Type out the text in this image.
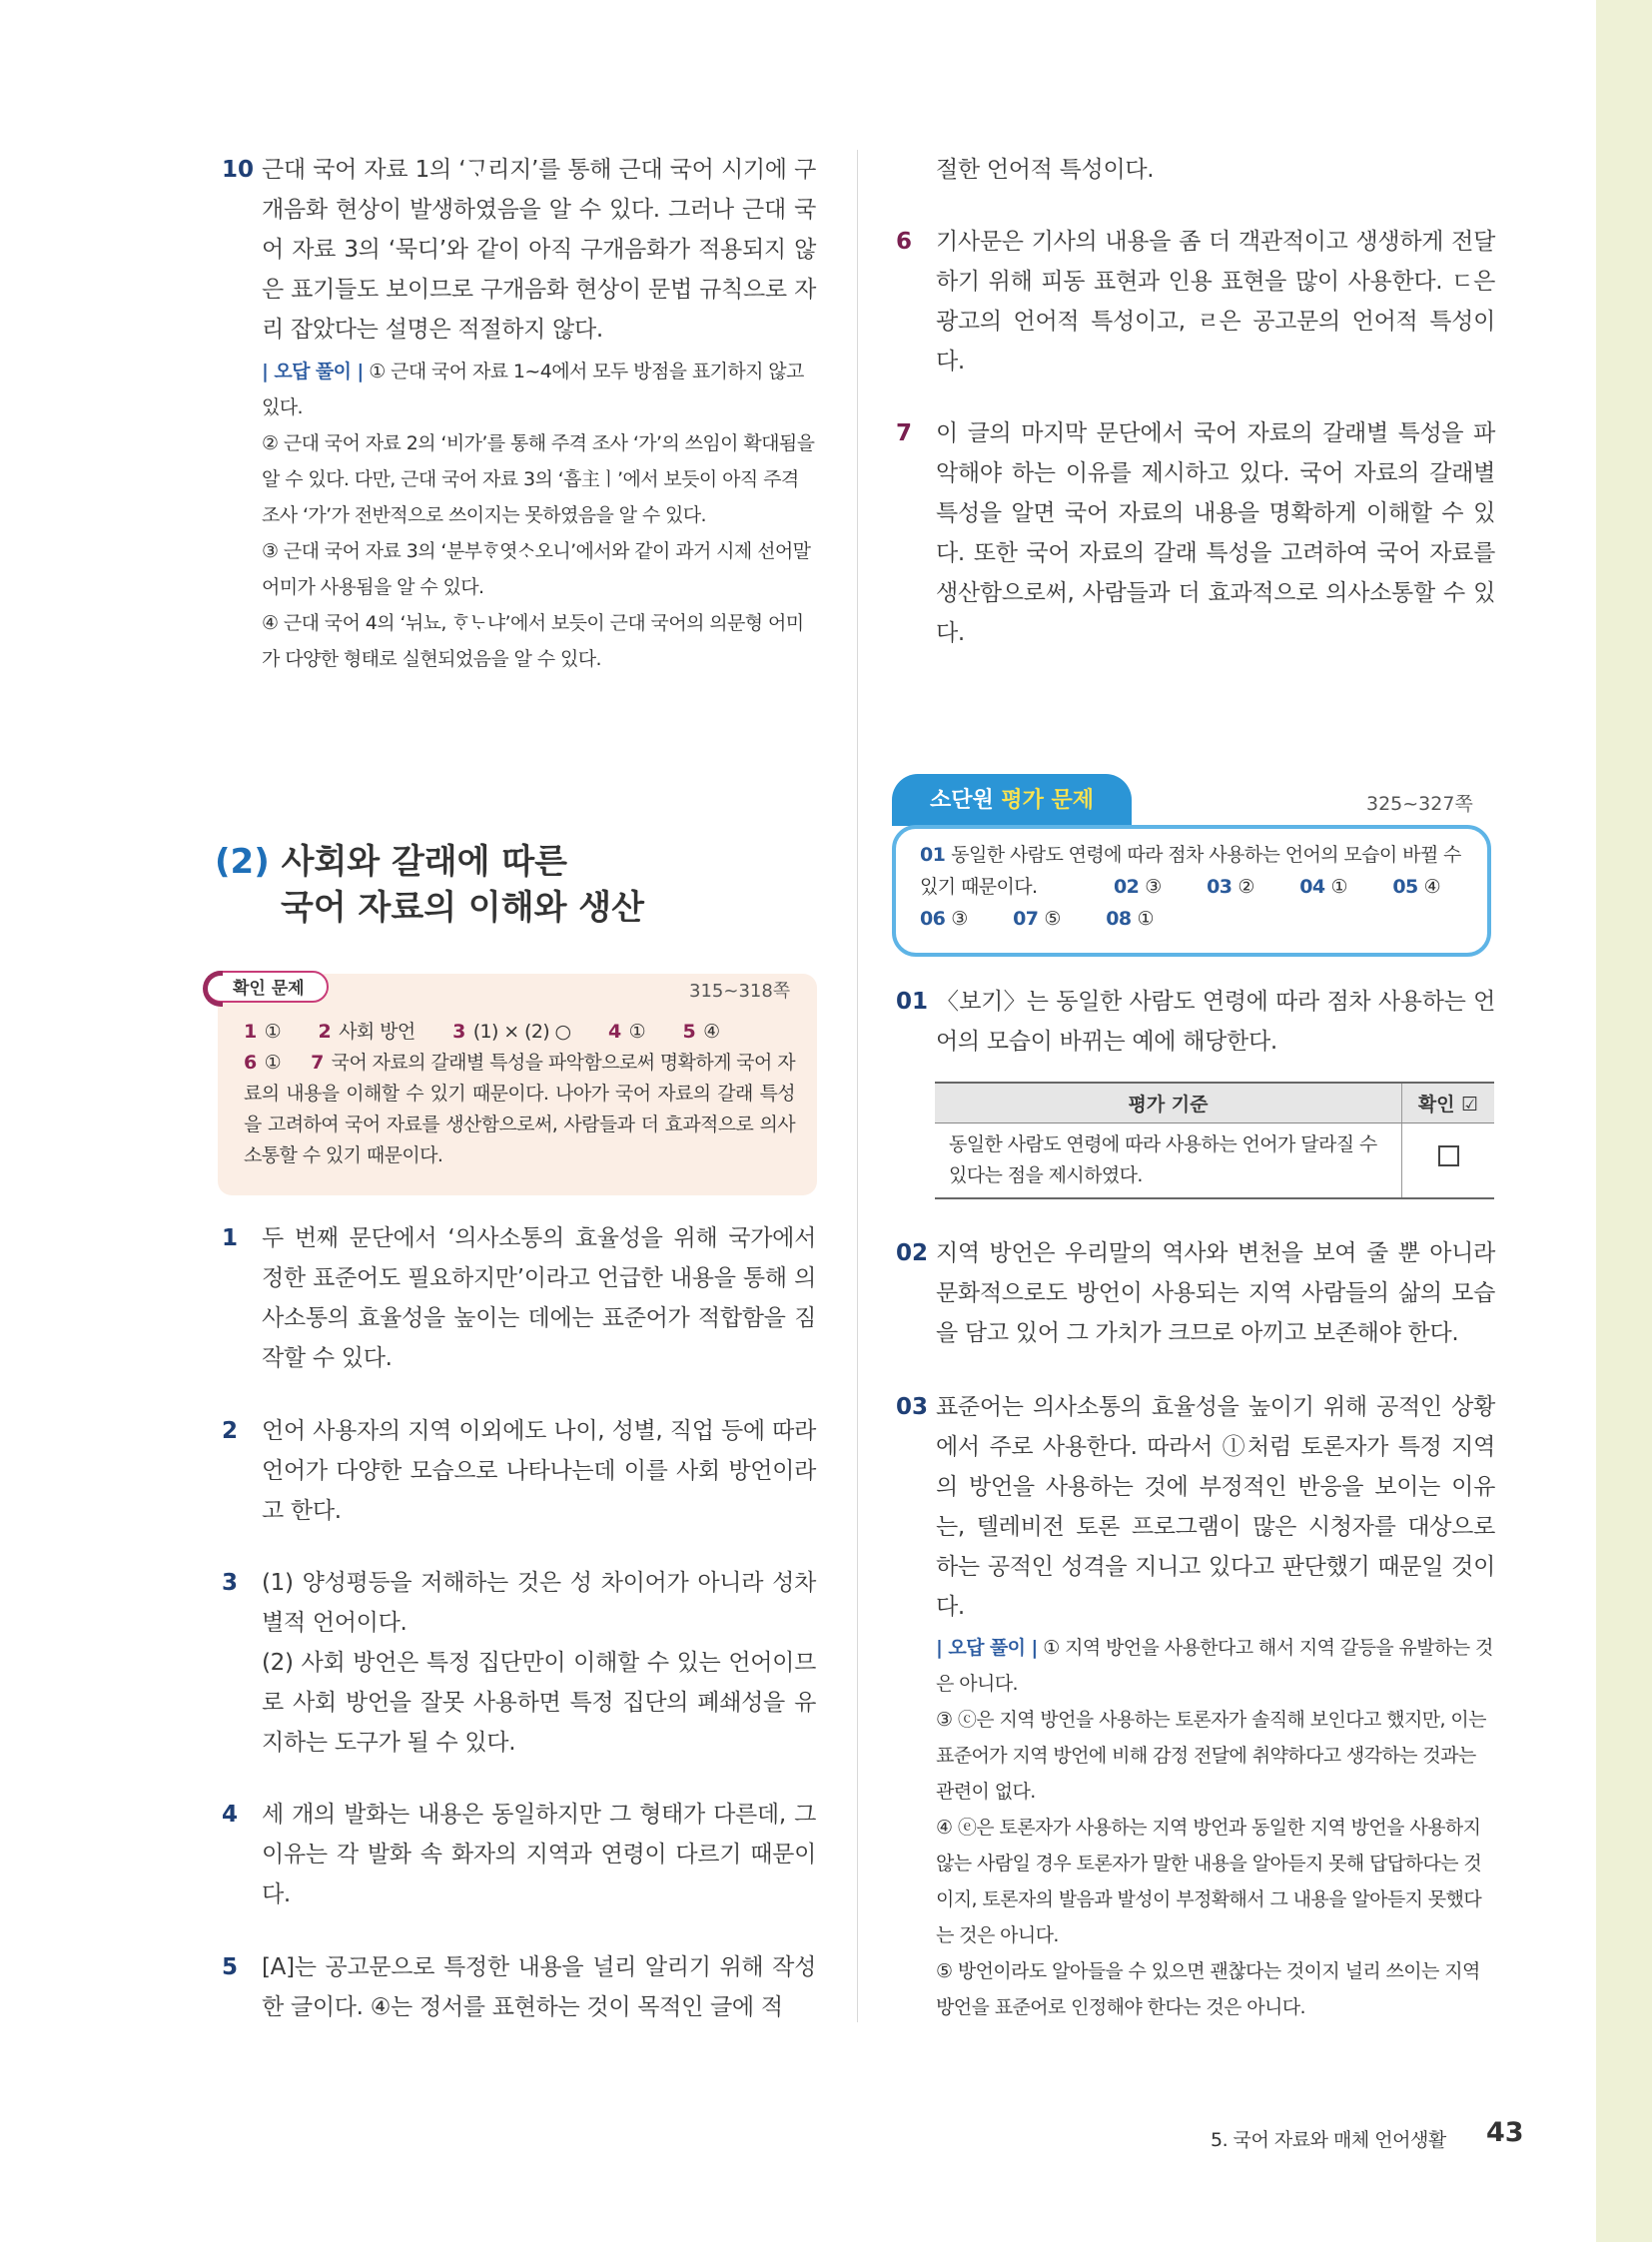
10 근대 국어 자료 1의 ‘ᄀᆞ리지’를 통해 근대 국어 시기에 구개음화 현상이 발생하였음을 알 수 있다. 그러나 근대 국어 자료 3의 ‘묵디’와 같이 아직 구개음화가 적용되지 않은 표기들도 보이므로 구개음화 현상이 문법 규칙으로 자리 잡았다는 설명은 적절하지 않다.
| 오답 풀이 | ① 근대 국어 자료 1~4에서 모두 방점을 표기하지 않고 있다.
② 근대 국어 자료 2의 ‘비가’를 통해 주격 조사 ‘가’의 쓰임이 확대됨을 알 수 있다. 다만, 근대 국어 자료 3의 ‘흡主ㅣ’에서 보듯이 아직 주격 조사 ‘가’가 전반적으로 쓰이지는 못하였음을 알 수 있다.
③ 근대 국어 자료 3의 ‘분부ᄒᆞ엿ᄉᆞ오니’에서와 같이 과거 시제 선어말 어미가 사용됨을 알 수 있다.
④ 근대 국어 4의 ‘뉘뇨, ᄒᆞᄂᆞ냐’에서 보듯이 근대 국어의 의문형 어미가 다양한 형태로 실현되었음을 알 수 있다.
(2) 사회와 갈래에 따른
국어 자료의 이해와 생산
확인 문제	315~318쪽
1 ① 2 사회 방언 3 (1) × (2) ○ 4 ① 5 ④
6 ① 7 국어 자료의 갈래별 특성을 파악함으로써 명확하게 국어 자료의 내용을 이해할 수 있기 때문이다. 나아가 국어 자료의 갈래 특성을 고려하여 국어 자료를 생산함으로써, 사람들과 더 효과적으로 의사소통할 수 있기 때문이다.
1 두 번째 문단에서 ‘의사소통의 효율성을 위해 국가에서 정한 표준어도 필요하지만’이라고 언급한 내용을 통해 의사소통의 효율성을 높이는 데에는 표준어가 적합함을 짐작할 수 있다.
2 언어 사용자의 지역 이외에도 나이, 성별, 직업 등에 따라 언어가 다양한 모습으로 나타나는데 이를 사회 방언이라고 한다.
3 (1) 양성평등을 저해하는 것은 성 차이어가 아니라 성차별적 언어이다.
(2) 사회 방언은 특정 집단만이 이해할 수 있는 언어이므로 사회 방언을 잘못 사용하면 특정 집단의 폐쇄성을 유지하는 도구가 될 수 있다.
4 세 개의 발화는 내용은 동일하지만 그 형태가 다른데, 그 이유는 각 발화 속 화자의 지역과 연령이 다르기 때문이다.
5 [A]는 공고문으로 특정한 내용을 널리 알리기 위해 작성한 글이다. ④는 정서를 표현하는 것이 목적인 글에 적
절한 언어적 특성이다.
6 기사문은 기사의 내용을 좀 더 객관적이고 생생하게 전달하기 위해 피동 표현과 인용 표현을 많이 사용한다. ㄷ은 광고의 언어적 특성이고, ㄹ은 공고문의 언어적 특성이다.
7 이 글의 마지막 문단에서 국어 자료의 갈래별 특성을 파악해야 하는 이유를 제시하고 있다. 국어 자료의 갈래별 특성을 알면 국어 자료의 내용을 명확하게 이해할 수 있다. 또한 국어 자료의 갈래 특성을 고려하여 국어 자료를 생산함으로써, 사람들과 더 효과적으로 의사소통할 수 있다.
소단원 평가 문제	325~327쪽
01 동일한 사람도 연령에 따라 점차 사용하는 언어의 모습이 바뀔 수 있기 때문이다.	02 ③ 03 ② 04 ① 05 ④
06 ③ 07 ⑤ 08 ①
01 〈보기〉는 동일한 사람도 연령에 따라 점차 사용하는 언어의 모습이 바뀌는 예에 해당한다.
평가 기준	확인 ☑
동일한 사람도 연령에 따라 사용하는 언어가 달라질 수 있다는 점을 제시하였다.	
02 지역 방언은 우리말의 역사와 변천을 보여 줄 뿐 아니라 문화적으로도 방언이 사용되는 지역 사람들의 삶의 모습을 담고 있어 그 가치가 크므로 아끼고 보존해야 한다.
03 표준어는 의사소통의 효율성을 높이기 위해 공적인 상황에서 주로 사용한다. 따라서 ⓛ처럼 토론자가 특정 지역의 방언을 사용하는 것에 부정적인 반응을 보이는 이유는, 텔레비전 토론 프로그램이 많은 시청자를 대상으로 하는 공적인 성격을 지니고 있다고 판단했기 때문일 것이다.
| 오답 풀이 | ① 지역 방언을 사용한다고 해서 지역 갈등을 유발하는 것은 아니다.
③ ⓒ은 지역 방언을 사용하는 토론자가 솔직해 보인다고 했지만, 이는 표준어가 지역 방언에 비해 감정 전달에 취약하다고 생각하는 것과는 관련이 없다.
④ ⓔ은 토론자가 사용하는 지역 방언과 동일한 지역 방언을 사용하지 않는 사람일 경우 토론자가 말한 내용을 알아듣지 못해 답답하다는 것이지, 토론자의 발음과 발성이 부정확해서 그 내용을 알아듣지 못했다는 것은 아니다.
⑤ 방언이라도 알아들을 수 있으면 괜찮다는 것이지 널리 쓰이는 지역 방언을 표준어로 인정해야 한다는 것은 아니다.
5. 국어 자료와 매체 언어생활 43
